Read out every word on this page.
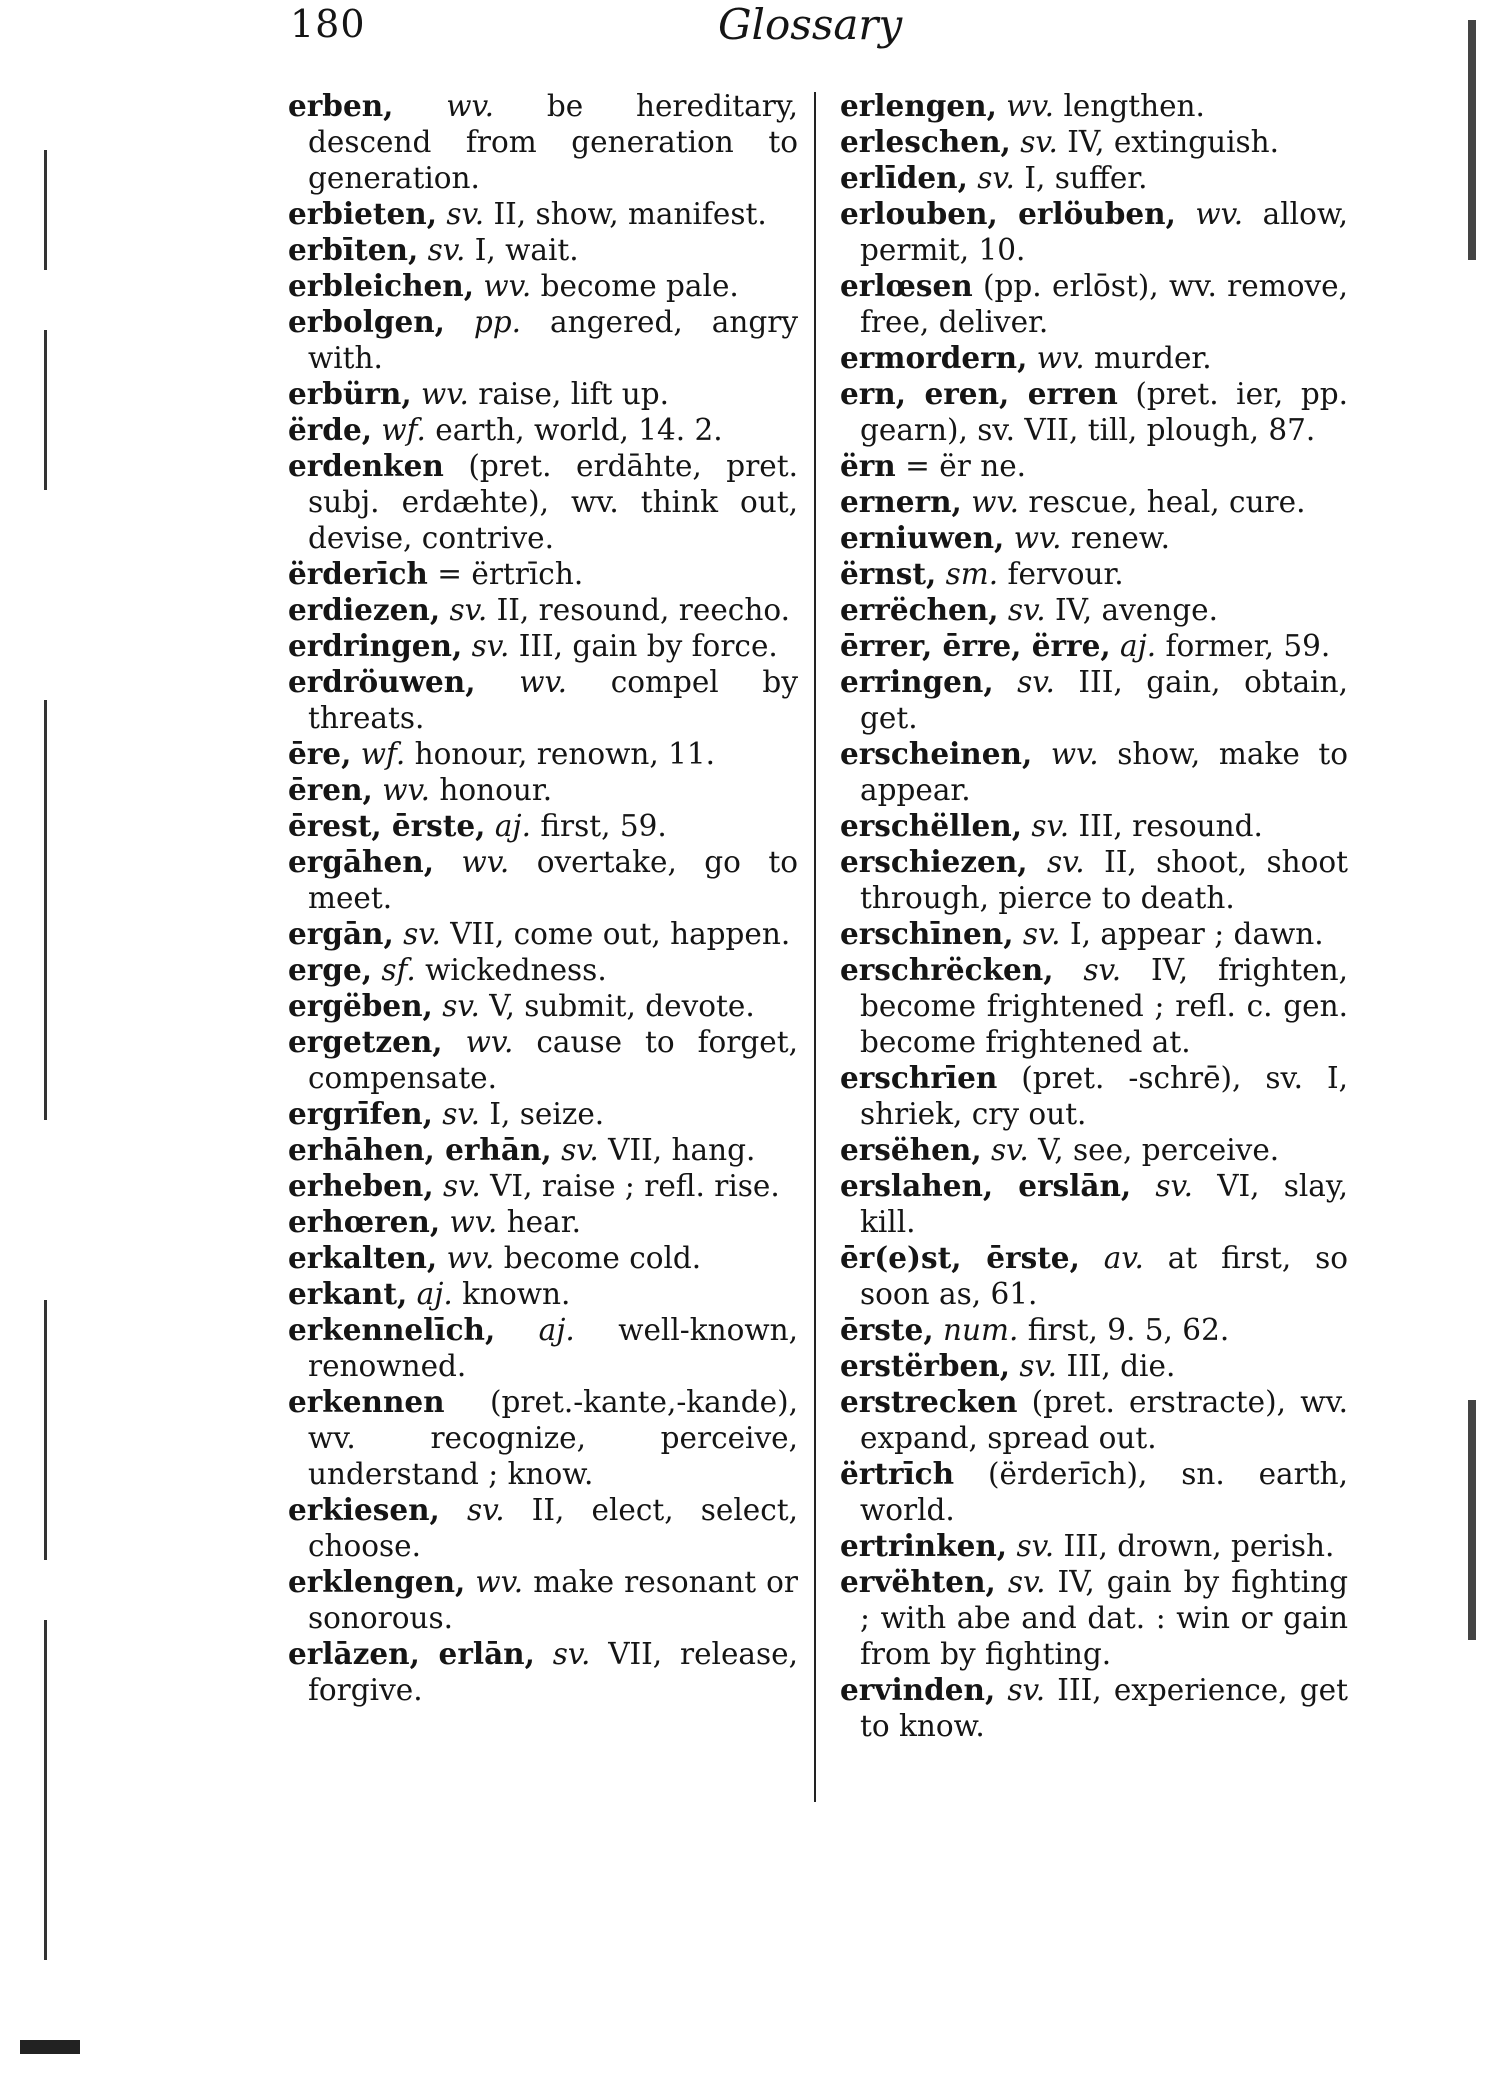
180	Glossary

erben, wv. be hereditary, descend from generation to generation.

erbieten, sv. II, show, manifest.

erbīten, sv. I, wait.

erbleichen, wv. become pale.

erbolgen, pp. angered, angry with.

erbürn, wv. raise, lift up.

ërde, wf. earth, world, 14. 2.

erdenken (pret. erdāhte, pret. subj. erdæhte), wv. think out, devise, contrive.

ërderīch = ërtrīch.

erdiezen, sv. II, resound, reecho.

erdringen, sv. III, gain by force.

erdröuwen, wv. compel by threats.

ēre, wf. honour, renown, 11.

ēren, wv. honour.

ērest, ērste, aj. first, 59.

ergāhen, wv. overtake, go to meet.

ergān, sv. VII, come out, happen.

erge, sf. wickedness.

ergëben, sv. V, submit, devote.

ergetzen, wv. cause to forget, compensate.

ergrīfen, sv. I, seize.

erhāhen, erhān, sv. VII, hang.

erheben, sv. VI, raise ; refl. rise.

erhœren, wv. hear.

erkalten, wv. become cold.

erkant, aj. known.

erkennelīch, aj. well-known, renowned.

erkennen (pret.-kante,-kande), wv. recognize, perceive, understand ; know.

erkiesen, sv. II, elect, select, choose.

erklengen, wv. make resonant or sonorous.

erlāzen, erlān, sv. VII, release, forgive.

erlengen, wv. lengthen.

erleschen, sv. IV, extinguish.

erlīden, sv. I, suffer.

erlouben, erlöuben, wv. allow, permit, 10.

erlœsen (pp. erlōst), wv. remove, free, deliver.

ermordern, wv. murder.

ern, eren, erren (pret. ier, pp. gearn), sv. VII, till, plough, 87.

ërn = ër ne.

ernern, wv. rescue, heal, cure.

erniuwen, wv. renew.

ërnst, sm. fervour.

errëchen, sv. IV, avenge.

ērrer, ērre, ërre, aj. former, 59.

erringen, sv. III, gain, obtain, get.

erscheinen, wv. show, make to appear.

erschëllen, sv. III, resound.

erschiezen, sv. II, shoot, shoot through, pierce to death.

erschīnen, sv. I, appear ; dawn.

erschrëcken, sv. IV, frighten, become frightened ; refl. c. gen. become frightened at.

erschrīen (pret. -schrē), sv. I, shriek, cry out.

ersëhen, sv. V, see, perceive.

erslahen, erslān, sv. VI, slay, kill.

ēr(e)st, ērste, av. at first, so soon as, 61.

ērste, num. first, 9. 5, 62.

erstërben, sv. III, die.

erstrecken (pret. erstracte), wv. expand, spread out.

ërtrīch (ërderīch), sn. earth, world.

ertrinken, sv. III, drown, perish.

ervëhten, sv. IV, gain by fighting ; with abe and dat. : win or gain from by fighting.

ervinden, sv. III, experience, get to know.
